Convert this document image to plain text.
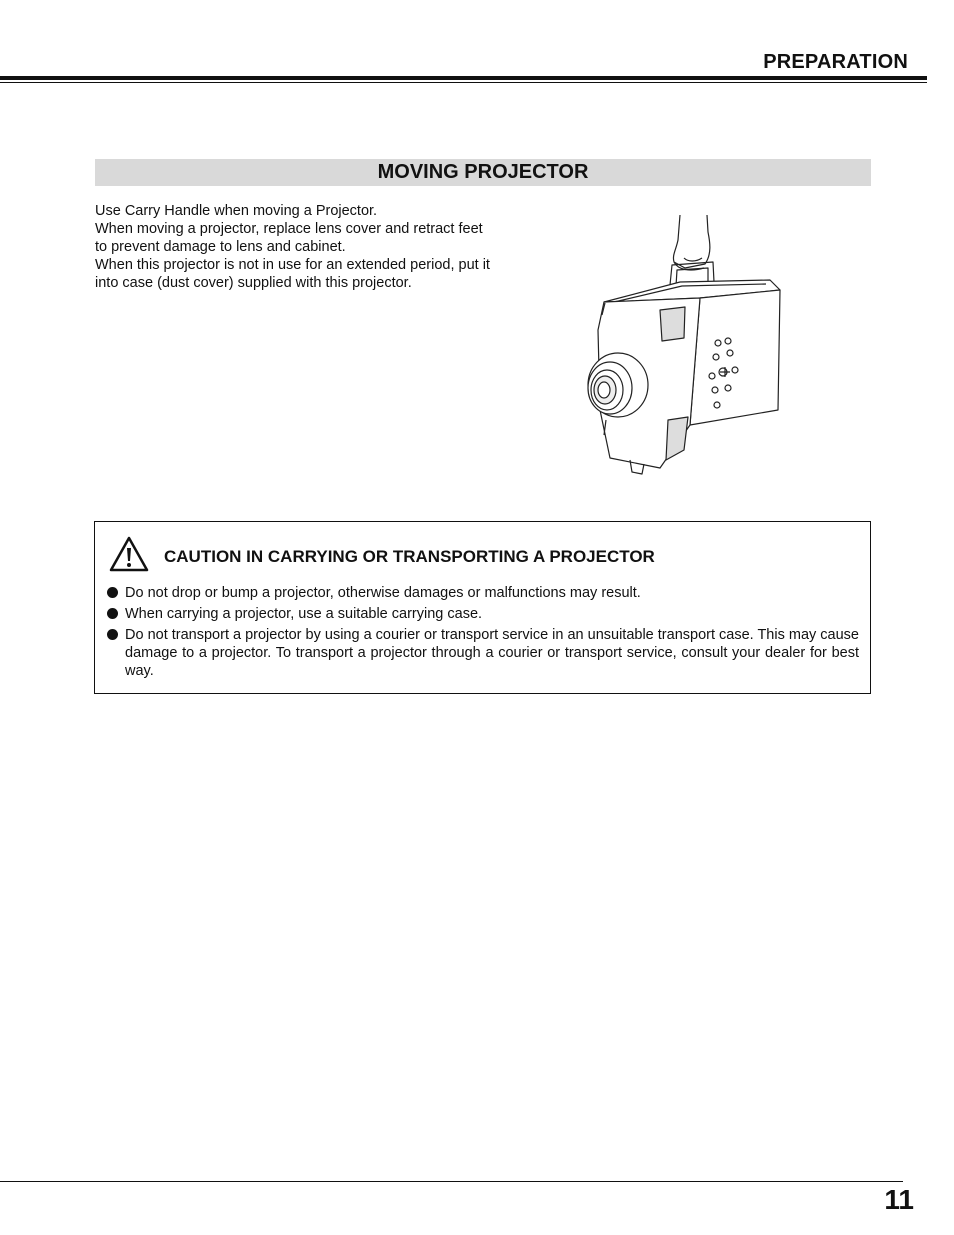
PREPARATION
MOVING PROJECTOR

Use Carry Handle when moving a Projector.

When moving a projector, replace lens cover and retract feet to prevent damage to lens and cabinet.

When this projector is not in use for an extended period, put it into case (dust cover) supplied with this projector.

CAUTION IN CARRYING OR TRANSPORTING A PROJECTOR
Do not drop or bump a projector, otherwise damages or malfunctions may result.
When carrying a projector, use a suitable carrying case.
Do not transport a projector by using a courier or transport service in an unsuitable transport case. This may cause damage to a projector. To transport a projector through a courier or transport service, consult your dealer for best way.
11
